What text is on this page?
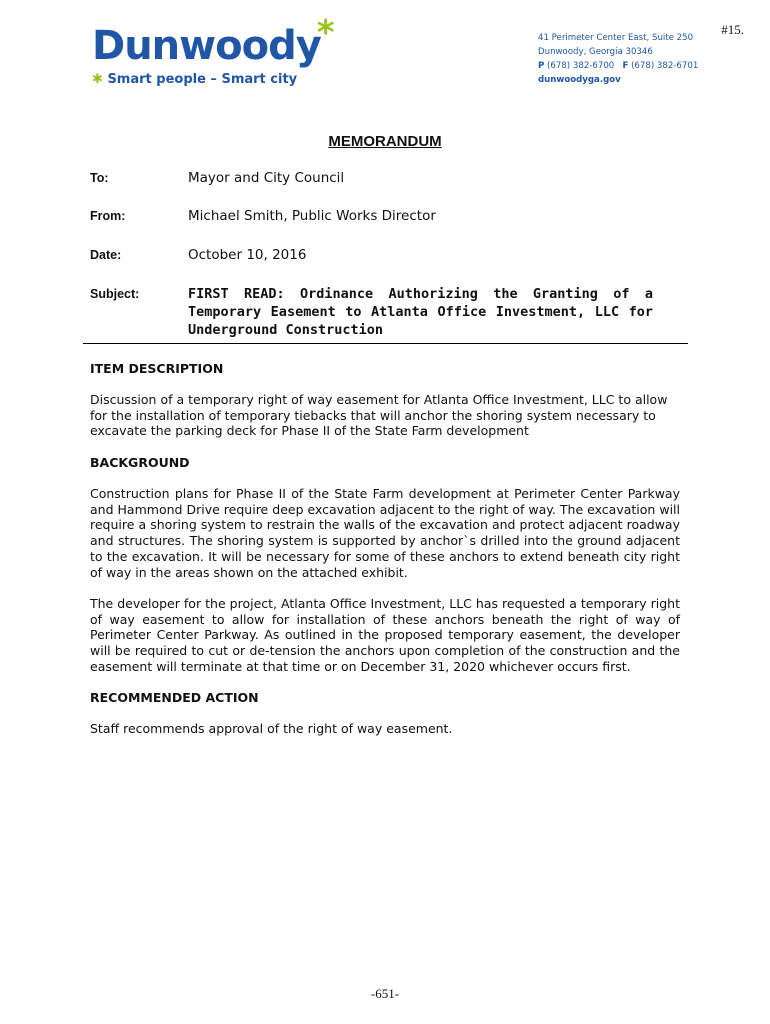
#15.
Dunwoody*
✱ Smart people – Smart city
41 Perimeter Center East, Suite 250
Dunwoody, Georgia 30346
P (678) 382-6700 F (678) 382-6701
dunwoodyga.gov
MEMORANDUM
To:	Mayor and City Council
From:	Michael Smith, Public Works Director
Date:	October 10, 2016
Subject:	FIRST READ: Ordinance Authorizing the Granting of a Temporary Easement to Atlanta Office Investment, LLC for Underground Construction
ITEM DESCRIPTION
Discussion of a temporary right of way easement for Atlanta Office Investment, LLC to allow for the installation of temporary tiebacks that will anchor the shoring system necessary to excavate the parking deck for Phase II of the State Farm development
BACKGROUND
Construction plans for Phase II of the State Farm development at Perimeter Center Parkway and Hammond Drive require deep excavation adjacent to the right of way. The excavation will require a shoring system to restrain the walls of the excavation and protect adjacent roadway and structures. The shoring system is supported by anchor`s drilled into the ground adjacent to the excavation. It will be necessary for some of these anchors to extend beneath city right of way in the areas shown on the attached exhibit.
The developer for the project, Atlanta Office Investment, LLC has requested a temporary right of way easement to allow for installation of these anchors beneath the right of way of Perimeter Center Parkway. As outlined in the proposed temporary easement, the developer will be required to cut or de-tension the anchors upon completion of the construction and the easement will terminate at that time or on December 31, 2020 whichever occurs first.
RECOMMENDED ACTION
Staff recommends approval of the right of way easement.
-651-
